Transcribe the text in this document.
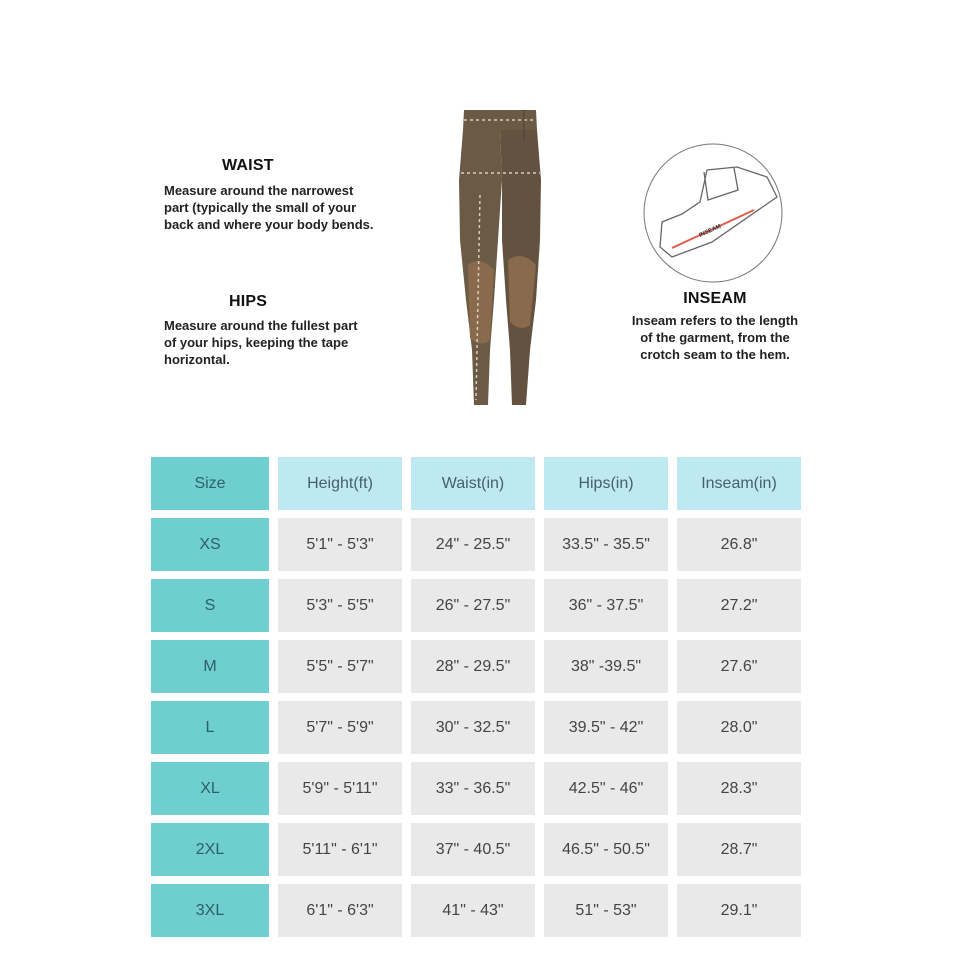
WAIST
Measure around the narrowest
part (typically the small of your
back and where your body bends.
HIPS
Measure around the fullest part
of your hips, keeping the tape
horizontal.
INSEAM
INSEAM
Inseam refers to the length
of the garment, from the
crotch seam to the hem.
Size	Height(ft)	Waist(in)	Hips(in)	Inseam(in)
XS	5'1" - 5'3"	24" - 25.5"	33.5" - 35.5"	26.8"
S	5'3" - 5'5"	26" - 27.5"	36" - 37.5"	27.2"
M	5'5" - 5'7"	28" - 29.5"	38" -39.5"	27.6"
L	5'7" - 5'9"	30" - 32.5"	39.5" - 42"	28.0"
XL	5'9" - 5'11"	33" - 36.5"	42.5" - 46"	28.3"
2XL	5'11" - 6'1"	37" - 40.5"	46.5" - 50.5"	28.7"
3XL	6'1" - 6'3"	41" - 43"	51" - 53"	29.1"
